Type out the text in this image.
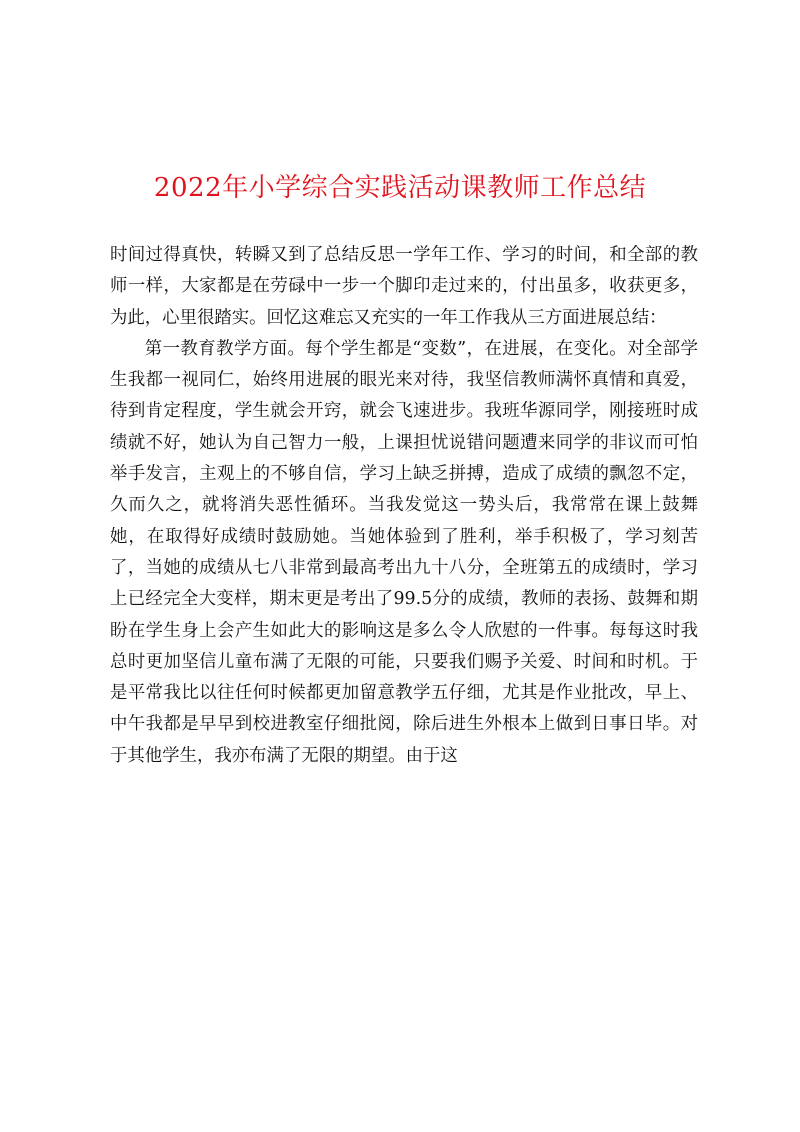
2022年小学综合实践活动课教师工作总结

时间过得真快，转瞬又到了总结反思一学年工作、学习的时间，和全部的教师一样，大家都是在劳碌中一步一个脚印走过来的，付出虽多，收获更多，为此，心里很踏实。回忆这难忘又充实的一年工作我从三方面进展总结：

第一教育教学方面。每个学生都是“变数”，在进展，在变化。对全部学生我都一视同仁，始终用进展的眼光来对待，我坚信教师满怀真情和真爱，待到肯定程度，学生就会开窍，就会飞速进步。我班华源同学，刚接班时成绩就不好，她认为自己智力一般，上课担忧说错问题遭来同学的非议而可怕举手发言，主观上的不够自信，学习上缺乏拼搏，造成了成绩的飘忽不定，久而久之，就将消失恶性循环。当我发觉这一势头后，我常常在课上鼓舞她，在取得好成绩时鼓励她。当她体验到了胜利，举手积极了，学习刻苦了，当她的成绩从七八非常到最高考出九十八分，全班第五的成绩时，学习上已经完全大变样，期末更是考出了99.5分的成绩，教师的表扬、鼓舞和期盼在学生身上会产生如此大的影响这是多么令人欣慰的一件事。每每这时我总时更加坚信儿童布满了无限的可能，只要我们赐予关爱、时间和时机。于是平常我比以往任何时候都更加留意教学五仔细，尤其是作业批改，早上、中午我都是早早到校进教室仔细批阅，除后进生外根本上做到日事日毕。对于其他学生，我亦布满了无限的期望。由于这
